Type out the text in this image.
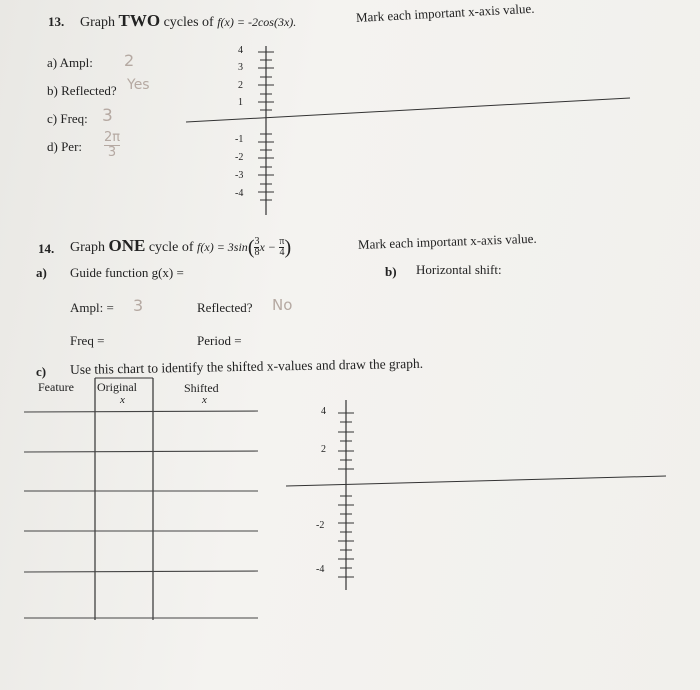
13. Graph TWO cycles of f(x) = -2cos(3x).	Mark each important x-axis value.
a) Ampl: 2
b) Reflected? Yes
c) Freq: 3
d) Per:
2π
3
4
3
2
1
-1
-2
-3
-4
14. Graph ONE cycle of $f(x) = 3\sin( \frac{3}{8}$ $x - \frac{\pi}{4}$ )	Mark each important x-axis value.
a) Guide function g(x) =	b) Horizontal shift:
Ampl: = 3	Reflected? No
Freq =	Period =
c) Use this chart to identify the shifted x-values and draw the graph.
Feature Original	Shifted
x	x
4
2
-2
-4
